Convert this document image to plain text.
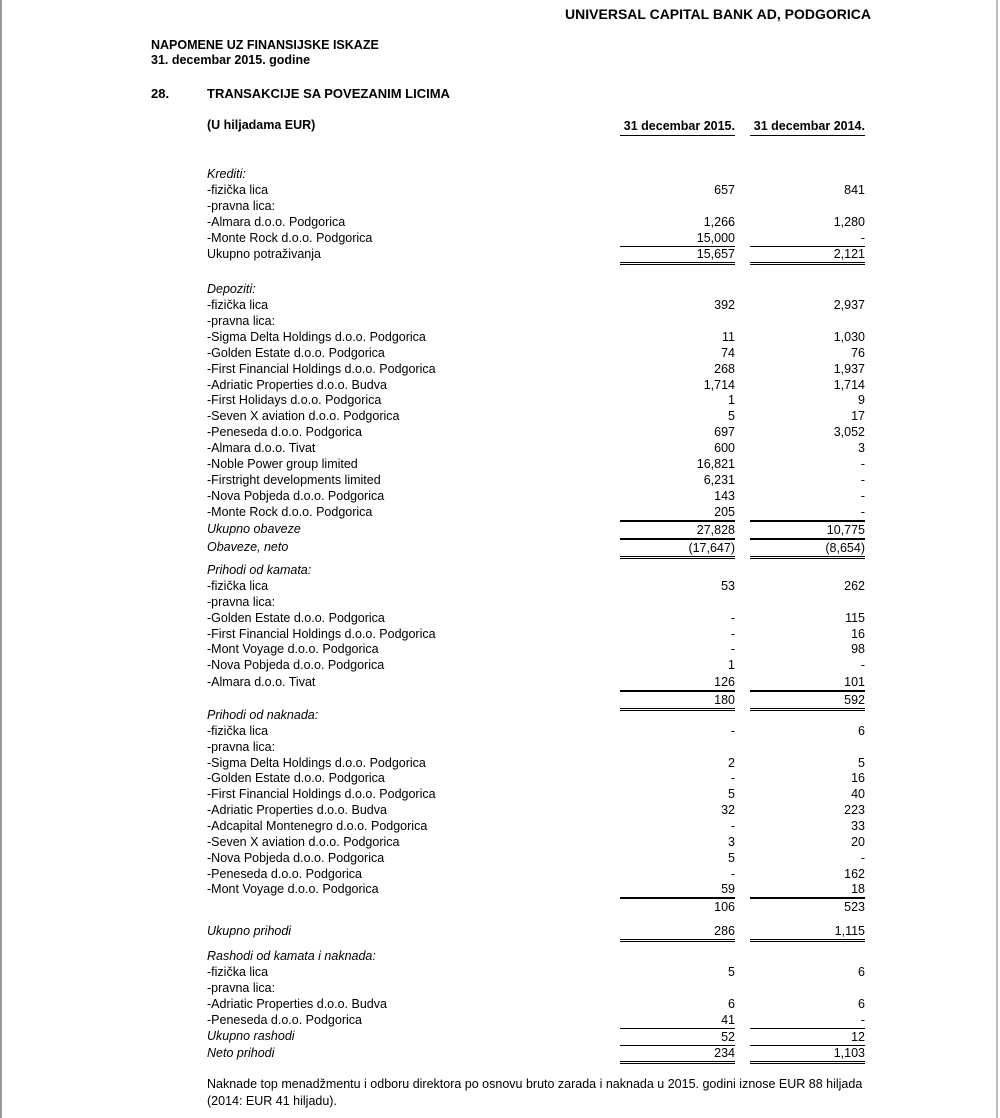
UNIVERSAL CAPITAL BANK AD, PODGORICA
NAPOMENE UZ FINANSIJSKE ISKAZE
31. decembar 2015. godine
28.	TRANSAKCIJE SA POVEZANIM LICIMA
(U hiljadama EUR)	31 decembar 2015.	31 decembar 2014.
Krediti:
-fizička lica	657	841
-pravna lica:
-Almara d.o.o. Podgorica	1,266	1,280
-Monte Rock d.o.o. Podgorica	15,000	-
Ukupno potraživanja	15,657	2,121
Depoziti:
-fizička lica	392	2,937
-pravna lica:
-Sigma Delta Holdings d.o.o. Podgorica	11	1,030
-Golden Estate d.o.o. Podgorica	74	76
-First Financial Holdings d.o.o. Podgorica	268	1,937
-Adriatic Properties d.o.o. Budva	1,714	1,714
-First Holidays d.o.o. Podgorica	1	9
-Seven X aviation d.o.o. Podgorica	5	17
-Peneseda d.o.o. Podgorica	697	3,052
-Almara d.o.o. Tivat	600	3
-Noble Power group limited	16,821	-
-Firstright developments limited	6,231	-
-Nova Pobjeda d.o.o. Podgorica	143	-
-Monte Rock d.o.o. Podgorica	205	-
Ukupno obaveze	27,828	10,775
Obaveze, neto	(17,647)	(8,654)
Prihodi od kamata:
-fizička lica	53	262
-pravna lica:
-Golden Estate d.o.o. Podgorica	-	115
-First Financial Holdings d.o.o. Podgorica	-	16
-Mont Voyage d.o.o. Podgorica	-	98
-Nova Pobjeda d.o.o. Podgorica	1	-
-Almara d.o.o. Tivat	126	101
180	592
Prihodi od naknada:
-fizička lica	-	6
-pravna lica:
-Sigma Delta Holdings d.o.o. Podgorica	2	5
-Golden Estate d.o.o. Podgorica	-	16
-First Financial Holdings d.o.o. Podgorica	5	40
-Adriatic Properties d.o.o. Budva	32	223
-Adcapital Montenegro d.o.o. Podgorica	-	33
-Seven X aviation d.o.o. Podgorica	3	20
-Nova Pobjeda d.o.o. Podgorica	5	-
-Peneseda d.o.o. Podgorica	-	162
-Mont Voyage d.o.o. Podgorica	59	18
106	523
Ukupno prihodi	286	1,115
Rashodi od kamata i naknada:
-fizička lica	5	6
-pravna lica:
-Adriatic Properties d.o.o. Budva	6	6
-Peneseda d.o.o. Podgorica	41	-
Ukupno rashodi	52	12
Neto prihodi	234	1,103
Naknade top menadžmentu i odboru direktora po osnovu bruto zarada i naknada u 2015. godini iznose EUR 88 hiljada (2014: EUR 41 hiljadu).
